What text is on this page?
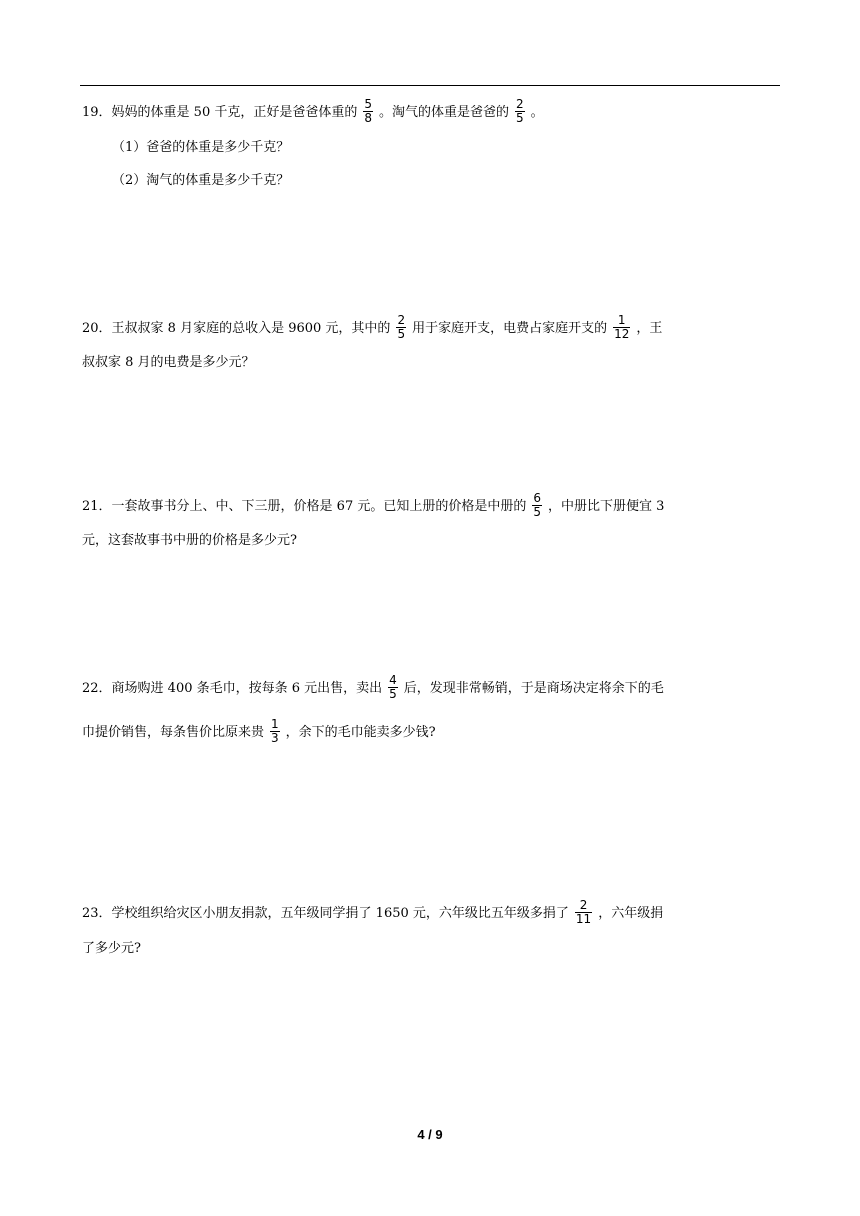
19．妈妈的体重是 50 千克，正好是爸爸体重的 $\frac{5}{8}$ 。淘气的体重是爸爸的 $\frac{2}{5}$ 。
（1）爸爸的体重是多少千克？
（2）淘气的体重是多少千克？
20．王叔叔家 8 月家庭的总收入是 9600 元，其中的 $\frac{2}{5}$ 用于家庭开支，电费占家庭开支的 $\frac{1}{12}$ ，王
叔叔家 8 月的电费是多少元？
21．一套故事书分上、中、下三册，价格是 67 元。已知上册的价格是中册的 $\frac{6}{5}$ ，中册比下册便宜 3
元，这套故事书中册的价格是多少元?
22．商场购进 400 条毛巾，按每条 6 元出售，卖出 $\frac{4}{5}$ 后，发现非常畅销，于是商场决定将余下的毛
巾提价销售，每条售价比原来贵 $\frac{1}{3}$ ，余下的毛巾能卖多少钱?
23．学校组织给灾区小朋友捐款，五年级同学捐了 1650 元，六年级比五年级多捐了 $\frac{2}{11}$ ，六年级捐
了多少元?
4 / 9
